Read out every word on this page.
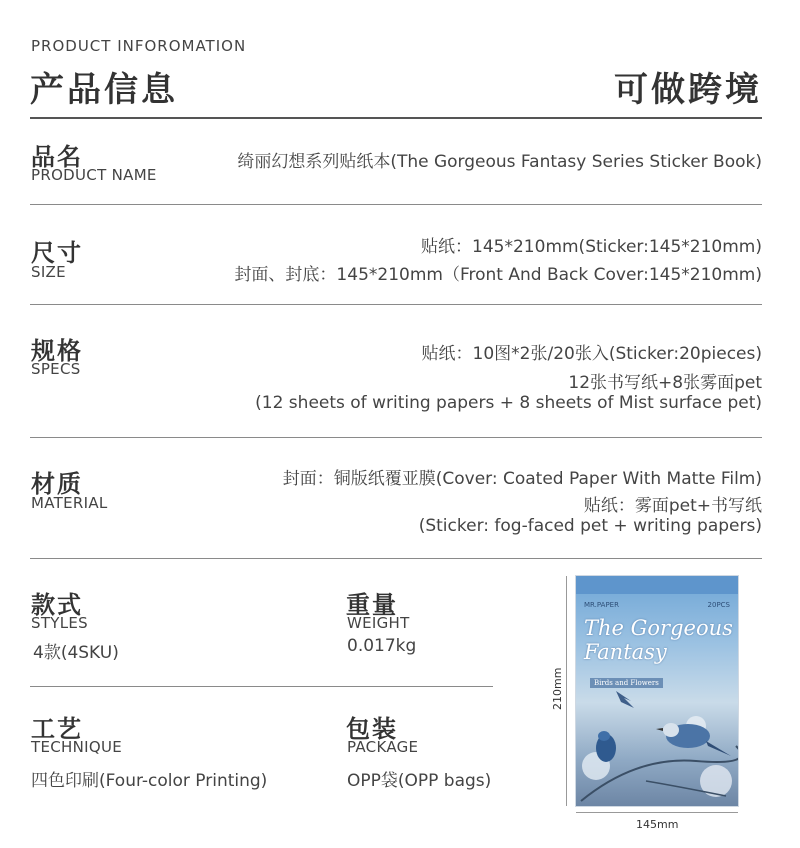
PRODUCT INFOROMATION
产品信息	可做跨境
品名
PRODUCT NAME
绮丽幻想系列贴纸本(The Gorgeous Fantasy Series Sticker Book)
尺寸
SIZE
贴纸：145*210mm(Sticker:145*210mm)
封面、封底：145*210mm（Front And Back Cover:145*210mm)
规格
SPECS
贴纸：10图*2张/20张入(Sticker:20pieces)
12张书写纸+8张雾面pet
(12 sheets of writing papers + 8 sheets of Mist surface pet)
材质
MATERIAL
封面：铜版纸覆亚膜(Cover: Coated Paper With Matte Film)
贴纸：雾面pet+书写纸
(Sticker: fog-faced pet + writing papers)
款式
STYLES
4款(4SKU)
重量
WEIGHT
0.017kg
工艺
TECHNIQUE
四色印刷(Four-color Printing)
包装
PACKAGE
OPP袋(OPP bags)
210mm
MR.PAPER	20PCS
The Gorgeous
Fantasy
Birds and Flowers
145mm
